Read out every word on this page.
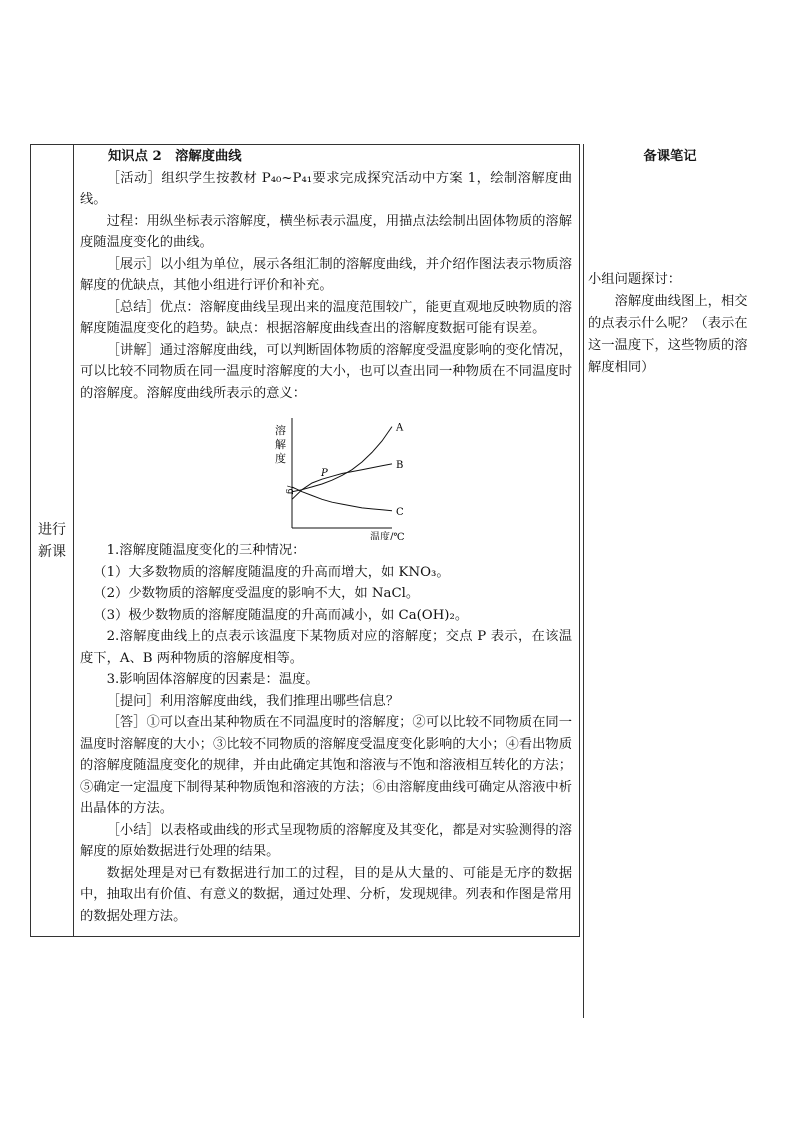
进行
新课
备课笔记

小组问题探讨：

溶解度曲线图上，相交的点表示什么呢？（表示在这一温度下，这些物质的溶解度相同）

知识点 2　溶解度曲线

［活动］组织学生按教材 P₄₀~P₄₁要求完成探究活动中方案 1，绘制溶解度曲线。

过程：用纵坐标表示溶解度，横坐标表示温度，用描点法绘制出固体物质的溶解度随温度变化的曲线。

［展示］以小组为单位，展示各组汇制的溶解度曲线，并介绍作图法表示物质溶解度的优缺点，其他小组进行评价和补充。

［总结］优点：溶解度曲线呈现出来的温度范围较广，能更直观地反映物质的溶解度随温度变化的趋势。缺点：根据溶解度曲线查出的溶解度数据可能有误差。

［讲解］通过溶解度曲线，可以判断固体物质的溶解度受温度影响的变化情况，可以比较不同物质在同一温度时溶解度的大小，也可以查出同一种物质在不同温度时的溶解度。溶解度曲线所表示的意义：

溶解度
/g
温度/℃
A
B
C
P

1.溶解度随温度变化的三种情况：

（1）大多数物质的溶解度随温度的升高而增大，如 KNO₃。

（2）少数物质的溶解度受温度的影响不大，如 NaCl。

（3）极少数物质的溶解度随温度的升高而减小，如 Ca(OH)₂。

2.溶解度曲线上的点表示该温度下某物质对应的溶解度；交点 P 表示，在该温度下，A、B 两种物质的溶解度相等。

3.影响固体溶解度的因素是：温度。

［提问］利用溶解度曲线，我们推理出哪些信息？

［答］①可以查出某种物质在不同温度时的溶解度；②可以比较不同物质在同一温度时溶解度的大小；③比较不同物质的溶解度受温度变化影响的大小；④看出物质的溶解度随温度变化的规律，并由此确定其饱和溶液与不饱和溶液相互转化的方法；⑤确定一定温度下制得某种物质饱和溶液的方法；⑥由溶解度曲线可确定从溶液中析出晶体的方法。

［小结］以表格或曲线的形式呈现物质的溶解度及其变化，都是对实验测得的溶解度的原始数据进行处理的结果。

数据处理是对已有数据进行加工的过程，目的是从大量的、可能是无序的数据中，抽取出有价值、有意义的数据，通过处理、分析，发现规律。列表和作图是常用的数据处理方法。
